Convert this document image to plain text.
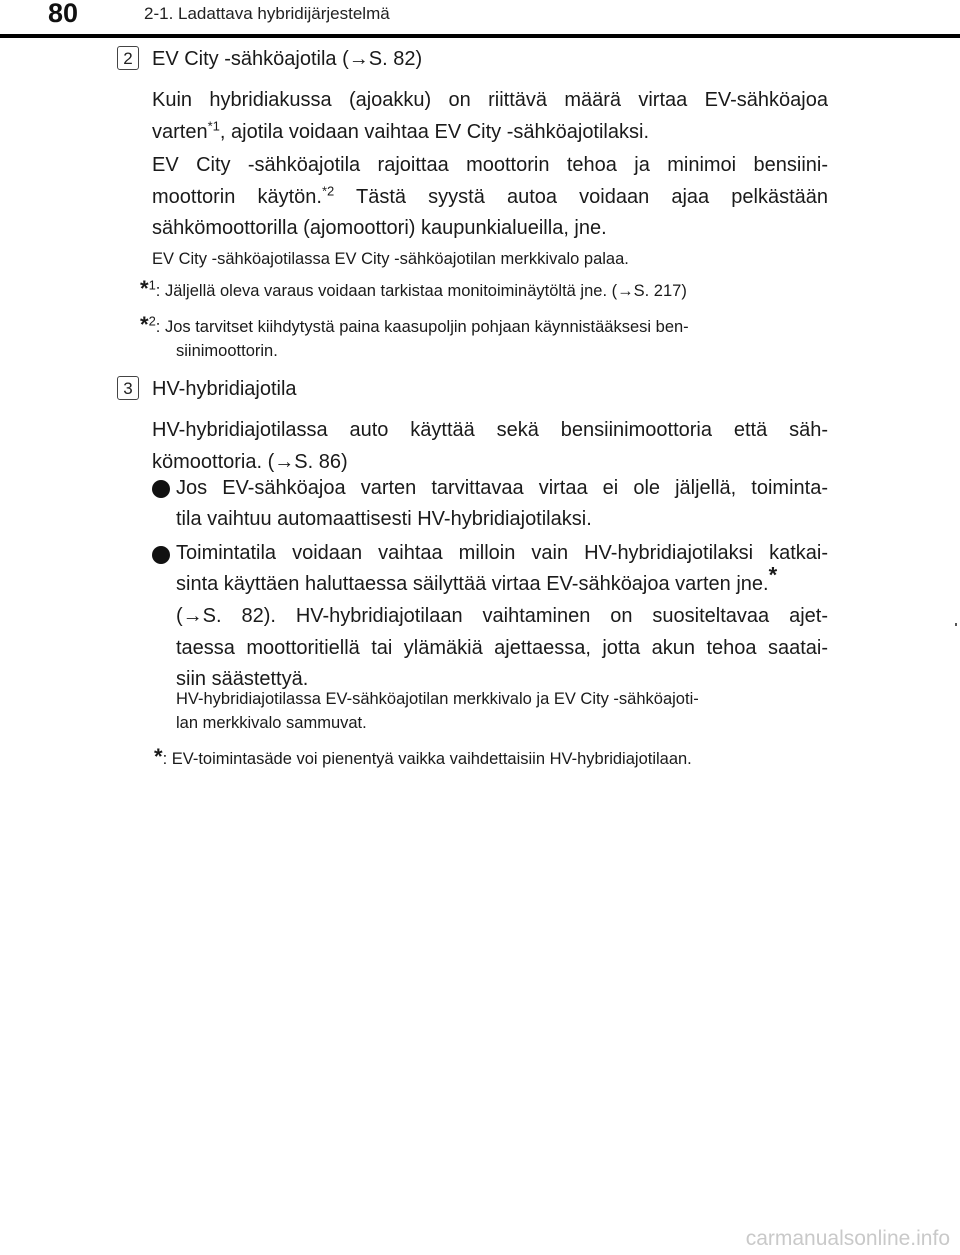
80	2-1. Ladattava hybridijärjestelmä
2 EV City -sähköajotila (→S. 82)
Kuin hybridiakussa (ajoakku) on riittävä määrä virtaa EV-sähköajoa
varten$^{*1}$, ajotila voidaan vaihtaa EV City -sähköajotilaksi.
EV City -sähköajotila rajoittaa moottorin tehoa ja minimoi bensiini-
moottorin käytön.$^{*2}$ Tästä syystä autoa voidaan ajaa pelkästään
sähkömoottorilla (ajomoottori) kaupunkialueilla, jne.
EV City -sähköajotilassa EV City -sähköajotilan merkkivalo palaa.
*$^1$: Jäljellä oleva varaus voidaan tarkistaa monitoiminäytöltä jne. (→S. 217)
*$^2$: Jos tarvitset kiihdytystä paina kaasupoljin pohjaan käynnistääksesi ben-
siinimoottorin.
3 HV-hybridiajotila
HV-hybridiajotilassa auto käyttää sekä bensiinimoottoria että säh-
kömoottoria. (→S. 86)
Jos EV-sähköajoa varten tarvittavaa virtaa ei ole jäljellä, toiminta-
tila vaihtuu automaattisesti HV-hybridiajotilaksi.
Toimintatila voidaan vaihtaa milloin vain HV-hybridiajotilaksi katkai-
sinta käyttäen haluttaessa säilyttää virtaa EV-sähköajoa varten jne.*
(→S. 82). HV-hybridiajotilaan vaihtaminen on suositeltavaa ajet-
taessa moottoritiellä tai ylämäkiä ajettaessa, jotta akun tehoa saatai-
siin säästettyä.
HV-hybridiajotilassa EV-sähköajotilan merkkivalo ja EV City -sähköajoti-
lan merkkivalo sammuvat.
*: EV-toimintasäde voi pienentyä vaikka vaihdettaisiin HV-hybridiajotilaan.
carmanualsonline.info
